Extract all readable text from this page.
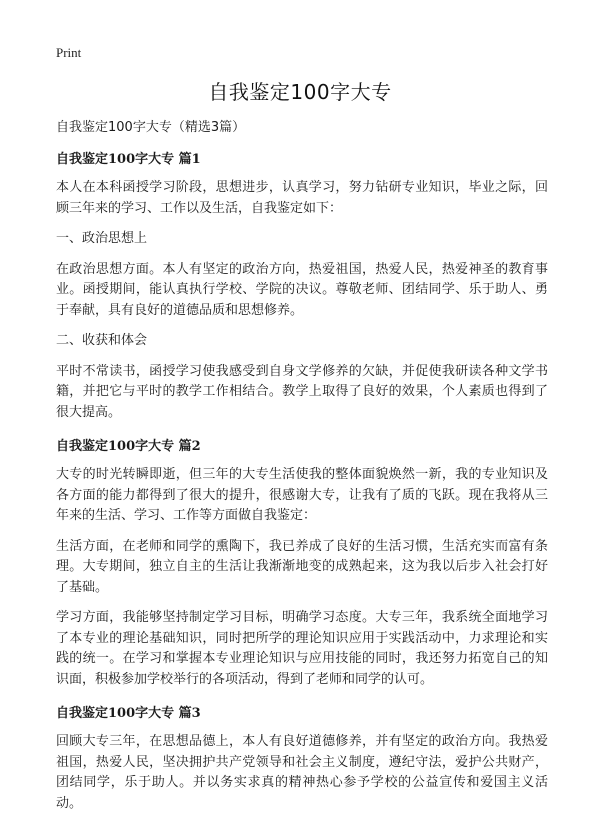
Print
自我鉴定100字大专

自我鉴定100字大专（精选3篇）

自我鉴定100字大专 篇1

本人在本科函授学习阶段，思想进步，认真学习，努力钻研专业知识，毕业之际，回顾三年来的学习、工作以及生活，自我鉴定如下：

一、政治思想上

在政治思想方面。本人有坚定的政治方向，热爱祖国，热爱人民，热爱神圣的教育事业。函授期间，能认真执行学校、学院的决议。尊敬老师、团结同学、乐于助人、勇于奉献，具有良好的道德品质和思想修养。

二、收获和体会

平时不常读书，函授学习使我感受到自身文学修养的欠缺，并促使我研读各种文学书籍，并把它与平时的教学工作相结合。教学上取得了良好的效果，个人素质也得到了很大提高。

自我鉴定100字大专 篇2

大专的时光转瞬即逝，但三年的大专生活使我的整体面貌焕然一新，我的专业知识及各方面的能力都得到了很大的提升，很感谢大专，让我有了质的飞跃。现在我将从三年来的生活、学习、工作等方面做自我鉴定：

生活方面，在老师和同学的熏陶下，我已养成了良好的生活习惯，生活充实而富有条理。大专期间，独立自主的生活让我渐渐地变的成熟起来，这为我以后步入社会打好了基础。

学习方面，我能够坚持制定学习目标，明确学习态度。大专三年，我系统全面地学习了本专业的理论基础知识，同时把所学的理论知识应用于实践活动中，力求理论和实践的统一。在学习和掌握本专业理论知识与应用技能的同时，我还努力拓宽自己的知识面，积极参加学校举行的各项活动，得到了老师和同学的认可。

自我鉴定100字大专 篇3

回顾大专三年，在思想品德上，本人有良好道德修养，并有坚定的政治方向。我热爱祖国，热爱人民，坚决拥护共产党领导和社会主义制度，遵纪守法，爱护公共财产，团结同学，乐于助人。并以务实求真的精神热心参予学校的公益宣传和爱国主义活动。
